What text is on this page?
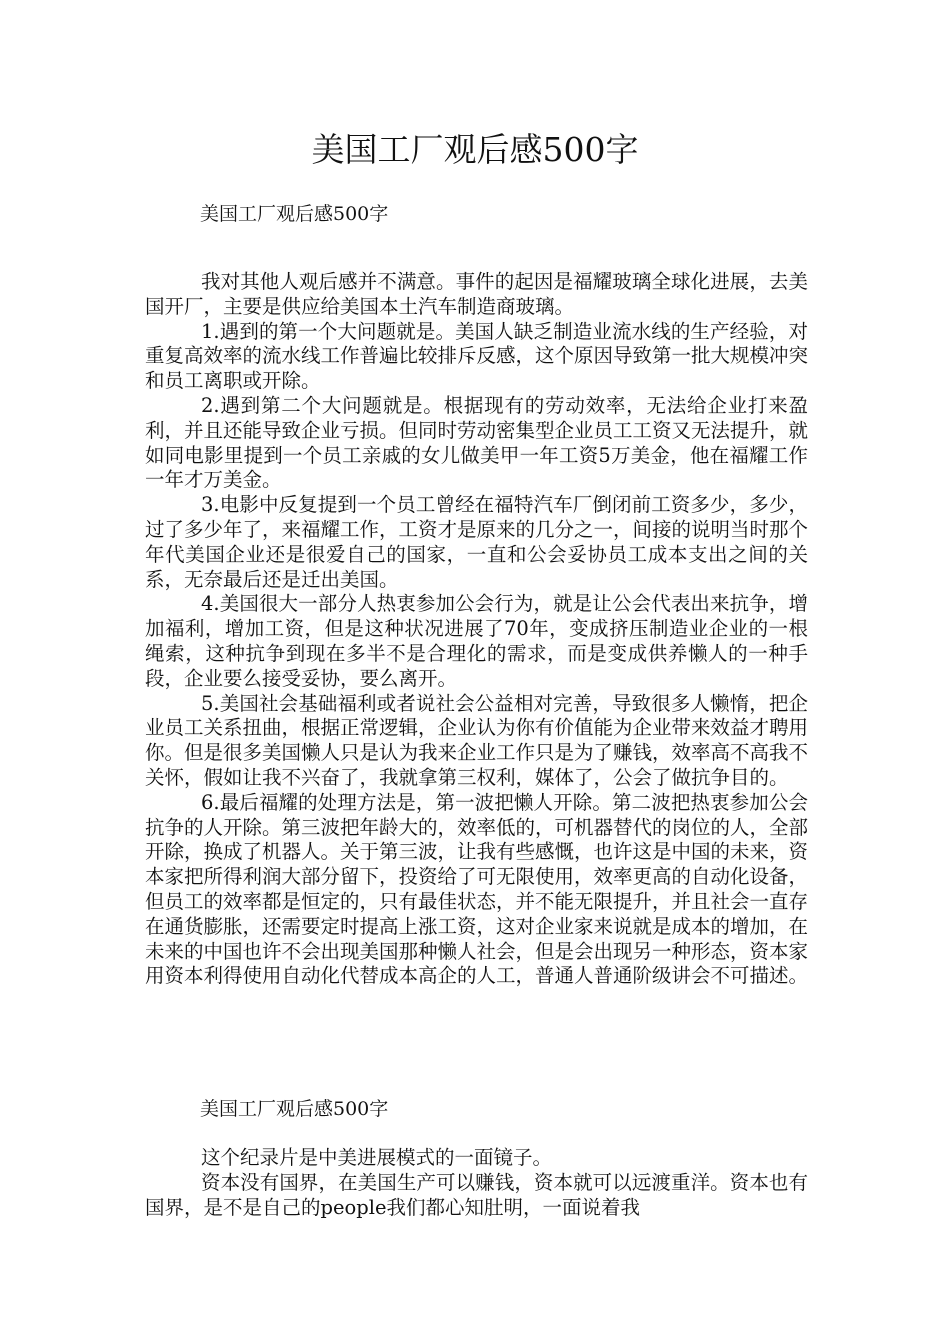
美国工厂观后感500字
美国工厂观后感500字

我对其他人观后感并不满意。事件的起因是福耀玻璃全球化进展，去美国开厂，主要是供应给美国本土汽车制造商玻璃。

1.遇到的第一个大问题就是。美国人缺乏制造业流水线的生产经验，对重复高效率的流水线工作普遍比较排斥反感，这个原因导致第一批大规模冲突和员工离职或开除。

2.遇到第二个大问题就是。根据现有的劳动效率，无法给企业打来盈利，并且还能导致企业亏损。但同时劳动密集型企业员工工资又无法提升，就如同电影里提到一个员工亲戚的女儿做美甲一年工资5万美金，他在福耀工作一年才万美金。

3.电影中反复提到一个员工曾经在福特汽车厂倒闭前工资多少，多少，过了多少年了，来福耀工作，工资才是原来的几分之一，间接的说明当时那个年代美国企业还是很爱自己的国家，一直和公会妥协员工成本支出之间的关系，无奈最后还是迁出美国。

4.美国很大一部分人热衷参加公会行为，就是让公会代表出来抗争，增加福利，增加工资，但是这种状况进展了70年，变成挤压制造业企业的一根绳索，这种抗争到现在多半不是合理化的需求，而是变成供养懒人的一种手段，企业要么接受妥协，要么离开。

5.美国社会基础福利或者说社会公益相对完善，导致很多人懒惰，把企业员工关系扭曲，根据正常逻辑，企业认为你有价值能为企业带来效益才聘用你。但是很多美国懒人只是认为我来企业工作只是为了赚钱，效率高不高我不关怀，假如让我不兴奋了，我就拿第三权利，媒体了，公会了做抗争目的。

6.最后福耀的处理方法是，第一波把懒人开除。第二波把热衷参加公会抗争的人开除。第三波把年龄大的，效率低的，可机器替代的岗位的人，全部开除，换成了机器人。关于第三波，让我有些感慨，也许这是中国的未来，资本家把所得利润大部分留下，投资给了可无限使用，效率更高的自动化设备，但员工的效率都是恒定的，只有最佳状态，并不能无限提升，并且社会一直存在通货膨胀，还需要定时提高上涨工资，这对企业家来说就是成本的增加，在未来的中国也许不会出现美国那种懒人社会，但是会出现另一种形态，资本家用资本利得使用自动化代替成本高企的人工，普通人普通阶级讲会不可描述。

美国工厂观后感500字

这个纪录片是中美进展模式的一面镜子。

资本没有国界，在美国生产可以赚钱，资本就可以远渡重洋。资本也有国界，是不是自己的people我们都心知肚明，一面说着我
